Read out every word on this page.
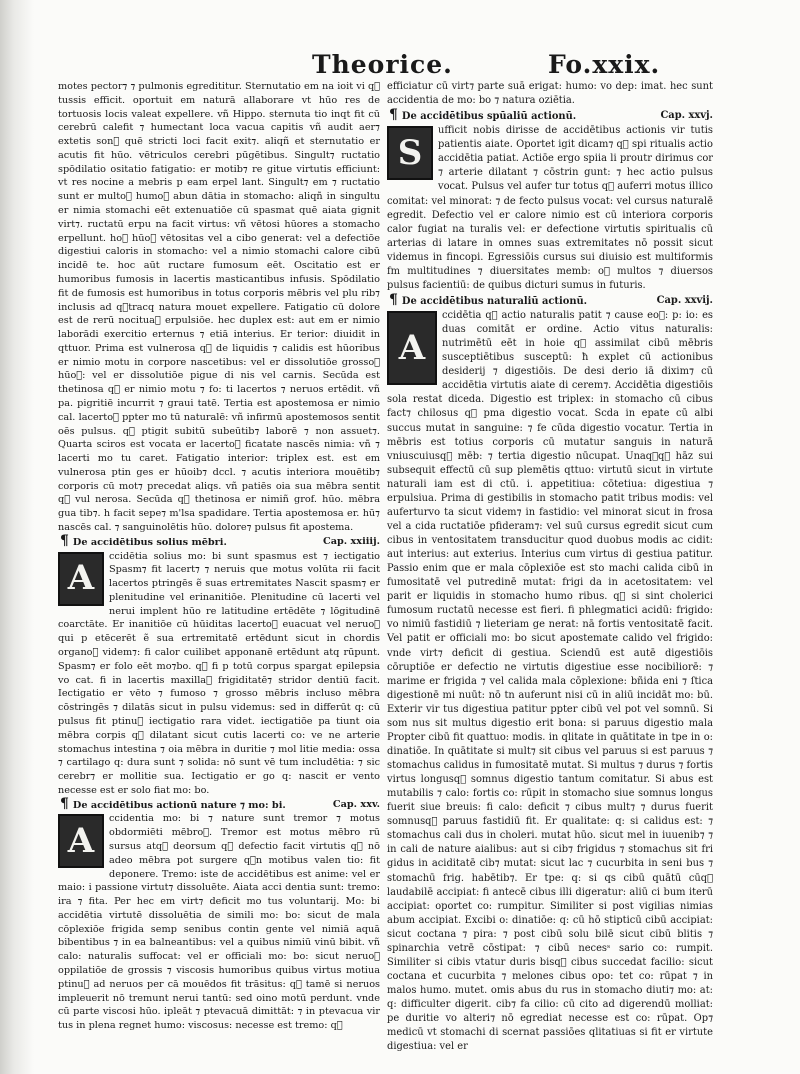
Theorice.	Fo.xxix.

motes pector⁊ ⁊ pulmonis egredititur. Sternutatio em na ioit vi qᷓ tussis efficit. oportuit em naturā allaborare vt hūo res de tortuosis locis valeat expellere. vñ Hippo. sternuta tio inqt fit cū cerebrū calefit ⁊ humectant loca vacua capitis vñ audit aer⁊ extetis sonᷓ quē stricti loci facit exit⁊. aliqñ et sternutatio er acutis fit hūo. vētriculos cerebri pūgētibus. Singult⁊ ructatio spōdilatio ositatio fatigatio: er motib⁊ re gitue virtutis efficiunt: vt res nocine a mebris p eam erpel lant. Singult⁊ em ⁊ ructatio sunt er multoᷓ humoᷓ abun dātia in stomacho: aliqñ in singultu er nimia stomachi eēt extenuatiōe cū spasmat quē aiata gignit virt⁊. ructatū erpu na facit virtus: vñ vētosi hūores a stomacho erpellunt. hoᷓ hūoᷓ vētositas vel a cibo generat: vel a defectiōe digestiui caloris in stomacho: vel a nimio stomachi calore cibū incidē te. hoc aūt ructare fumosum eēt. Oscitatio est er humoribus fumosis in lacertis masticantibus infusis. Spōdilatio fit de fumosis est humoribus in totus corporis mēbris vel plu rib⁊ inclusis ad qᷓtracq natura mouet expellere. Fatigatio cū dolore est de rerū nocituaᷓ erpulsiōe. hec duplex est: aut em er nimio laborādi exercitio erternus ⁊ etiā interius. Er terior: diuidit in qttuor. Prima est vulnerosa qᷓ de liquidis ⁊ calidis est hūoribus er nimio motu in corpore nascetibus: vel er dissolutiōe grossoᷓ hūoᷓ: vel er dissolutiōe pigue di nis vel carnis. Secūda est thetinosa qᷓ er nimio motu ⁊ fo: ti lacertos ⁊ neruos ertēdit. vñ pa. pigritiē incurrit ⁊ graui tatē. Tertia est apostemosa er nimio cal. lacertoᷓ ppter mo tū naturalē: vñ infirmū apostemosos sentit oēs pulsus. qᷓ ptigit subitū subeūtib⁊ laborē ⁊ non assuet⁊. Quarta sciros est vocata er lacertoᷓ ficatate nascēs nimia: vñ ⁊ lacerti mo tu caret. Fatigatio interior: triplex est. est em vulnerosa ptin ges er hūoib⁊ dccl. ⁊ acutis interiora mouētib⁊ corporis cū mot⁊ precedat aliqs. vñ patiēs oia sua mēbra sentit qᷓ vul nerosa. Secūda qᷓ thetinosa er nimiñ grof. hūo. mēbra gua tib⁊. h facit sepe⁊ m'lsa spadidare. Tertia apostemosa er. hū⁊ nascēs cal. ⁊ sanguinolētis hūo. dolore⁊ pulsus fit apostema.

¶ De accidētibus solius mēbri.	Cap. xxiiij.
A

ccidētia solius mo: bi sunt spasmus est ⁊ iectigatio Spasm⁊ fit lacert⁊ ⁊ neruis que motus volūta rii facit lacertos ptringēs ẽ suas ertremitates Nascit spasm⁊ er plenitudine vel erinanitiōe. Plenitudine cū lacerti vel nerui implent hūo re latitudine ertēdēte ⁊ lōgitudinē coarctāte. Er inanitiōe cū hūiditas lacertoᷓ euacuat vel neruoᷓ qui p etēcerēt ẽ sua ertremitatē ertēdunt sicut in chordis organoᷓ videm⁊: fi calor cuilibet apponanē ertēdunt atq rūpunt. Spasm⁊ er folo eēt mo⁊bo. qᷓ fi p totū corpus spargat epilepsia vo cat. fi in lacertis maxillaᷓ frigiditatē⁊ stridor dentiū facit. Iectigatio er vēto ⁊ fumoso ⁊ grosso mēbris incluso mēbra cōstringēs ⁊ dilatās sicut in pulsu videmus: sed in differūt q: cū pulsus fit ptinuᷓ iectigatio rara videt. iectigatiōe pa tiunt oia mēbra corpis qᷓ dilatant sicut cutis lacerti co: ve ne arterie stomachus intestina ⁊ oia mēbra in duritie ⁊ mol litie media: ossa ⁊ cartilago q: dura sunt ⁊ solida: nō sunt vē tum includētia: ⁊ sic cerebr⁊ er mollitie sua. Iectigatio er go q: nascit er vento necesse est er solo fiat mo: bo.

¶ De accidētibus actionū nature ⁊ mo: bi.	Cap. xxv.
A

ccidentia mo: bi ⁊ nature sunt tremor ⁊ motus obdormiēti mēbroᷓ. Tremor est motus mēbro rū sursus atqᷓ deorsum qᷓ defectio facit virtutis qᷓ nō adeo mēbra pot surgere qᷓn motibus valen tio: fit deponere. Tremo: iste de accidētibus est anime: vel er maio: i passione virtut⁊ dissoluēte. Aiata acci dentia sunt: tremo: ira ⁊ fita. Per hec em virt⁊ deficit mo tus voluntarij. Mo: bi accidētia virtutē dissoluētia de simili mo: bo: sicut de mala cōplexiōe frigida semp senibus contin gente vel nimiā aquā bibentibus ⁊ in ea balneantibus: vel a quibus nimiū vinū bibit. vñ calo: naturalis suffocat: vel er officiali mo: bo: sicut neruoᷓ oppilatiōe de grossis ⁊ viscosis humoribus quibus virtus motiua ptinuᷓ ad neruos per cā mouēdos fit trāsitus: qᷓ tamē si neruos impleuerit nō tremunt nerui tantū: sed oino motū perdunt. vnde cū parte viscosi hūo. ipleāt ⁊ ptevacuā dimittāt: ⁊ in ptevacua vir tus in plena regnet humo: viscosus: necesse est tremo: qᷓ

efficiatur cū virt⁊ parte suā erigat: humo: vo dep: imat. hec sunt accidentia de mo: bo ⁊ natura oziētia.

¶ De accidētibus spūaliū actionū.	Cap. xxvj.
S

ufficit nobis dirisse de accidētibus actionis vir tutis patientis aiate. Oportet igit dicam⁊ qᷓ spi ritualis actio accidētia patiat. Actiōe ergo spiia li proutr dirimus cor ⁊ arterie dilatant ⁊ cōstrin gunt: ⁊ hec actio pulsus vocat. Pulsus vel aufer tur totus qᷓ auferri motus illico comitat: vel minorat: ⁊ de fecto pulsus vocat: vel cursus naturalē egredit. Defectio vel er calore nimio est cū interiora corporis calor fugiat na turalis vel: er defectione virtutis spiritualis cū arterias di latare in omnes suas extremitates nō possit sicut videmus in fincopi. Egressiōis cursus sui diuisio est multiformis fm multitudines ⁊ diuersitates memb: oᷓ multos ⁊ diuersos pulsus facientiū: de quibus dicturi sumus in futuris.

¶ De accidētibus naturaliū actionū.	Cap. xxvij.
A

ccidētia qᷓ actio naturalis patit ⁊ cause eoᷓ: p: io: es duas comitāt er ordine. Actio vitus naturalis: nutrimētū eēt in hoie qᷓ assimilat cibū mēbris susceptiētibus susceptū: ħ explet cū actionibus desiderij ⁊ digestiōis. De desi derio iā dixim⁊ cū accidētia virtutis aiate di cerem⁊. Accidētia digestiōis sola restat diceda. Digestio est triplex: in stomacho cū cibus fact⁊ chilosus qᷓ pma digestio vocat. Scda in epate cū albi succus mutat in sanguine: ⁊ fe cūda digestio vocatur. Tertia in mēbris est totius corporis cū mutatur sanguis in naturā vniuscuiusqᷓ mēb: ⁊ tertia digestio nūcupat. Unaqᷓqᷓ hāz sui subsequit effectū cū sup plemētis qttuo: virtutū sicut in virtute naturali iam est di ctū. i. appetitiua: cōtetiua: digestiua ⁊ erpulsiua. Prima di gestibilis in stomacho patit tribus modis: vel auferturvo ta sicut videm⁊ in fastidio: vel minorat sicut in frosa vel a cida ructatiōe pfideram⁊: vel suū cursus egredit sicut cum cibus in ventositatem transducitur quod duobus modis ac cidit: aut interius: aut exterius. Interius cum virtus di gestiua patitur. Passio enim que er mala cōplexiōe est sto machi calida cibū in fumositatē vel putredinē mutat: frigi da in acetositatem: vel parit er liquidis in stomacho humo ribus. qᷓ si sint cholerici fumosum ructatū necesse est fieri. fi phlegmatici acidū: frigido: vo nimiū fastidiū ⁊ lieteriam ge nerat: nā fortis ventositatē facit. Vel patit er officiali mo: bo sicut apostemate calido vel frigido: vnde virt⁊ deficit di gestiua. Sciendū est autē digestiōis cōruptiōe er defectio ne virtutis digestiue esse nocibiliorē: ⁊ marime er frigida ⁊ vel calida mala cōplexione: bñida eni ⁊ ſtica digestionē mi nuūt: nō tn auferunt nisi cū in aliū incidāt mo: bū. Exterir vir tus digestiua patitur ppter cibū vel pot vel somnū. Si som nus sit multus digestio erit bona: si paruus digestio mala Propter cibū fit quattuo: modis. in qlitate in quātitate in tpe in o: dinatiōe. In quātitate si mult⁊ sit cibus vel paruus si est paruus ⁊ stomachus calidus in fumositatē mutat. Si multus ⁊ durus ⁊ fortis virtus longusqᷓ somnus digestio tantum comitatur. Si abus est mutabilis ⁊ calo: fortis co: rūpit in stomacho siue somnus longus fuerit siue breuis: fi calo: deficit ⁊ cibus mult⁊ ⁊ durus fuerit somnusqᷓ paruus fastidiū fit. Er qualitate: q: si calidus est: ⁊ stomachus cali dus in choleri. mutat hūo. sicut mel in iuuenib⁊ ⁊ in cali de nature aialibus: aut si cib⁊ frigidus ⁊ stomachus sit fri gidus in aciditatē cib⁊ mutat: sicut lac ⁊ cucurbita in seni bus ⁊ stomachū frig. habētib⁊. Er tpe: q: si qs cibū quātū cūqᷓ laudabilē accipiat: fi antecē cibus illi digeratur: aliū ci bum iterū accipiat: oportet co: rumpitur. Similiter si post vigilias nimias abum accipiat. Excibi o: dinatiōe: q: cū hō stipticū cibū accipiat: sicut coctana ⁊ pira: ⁊ post cibū solu bilē sicut cibū blitis ⁊ spinarchia vetrē cōstipat: ⁊ cibū necesˢ sario co: rumpit. Similiter si cibis vtatur duris bisqᷓ cibus succedat facilio: sicut coctana et cucurbita ⁊ melones cibus opo: tet co: rūpat ⁊ in malos humo. mutet. omis abus du rus in stomacho diuti⁊ mo: at: q: difficulter digerit. cib⁊ fa cilio: cū cito ad digerendū molliat: pe duritie vo alteri⁊ nō egrediat necesse est co: rūpat. Op⁊ medicū vt stomachi di scernat passiōes qlitatiuas si fit er virtute digestiua: vel er
